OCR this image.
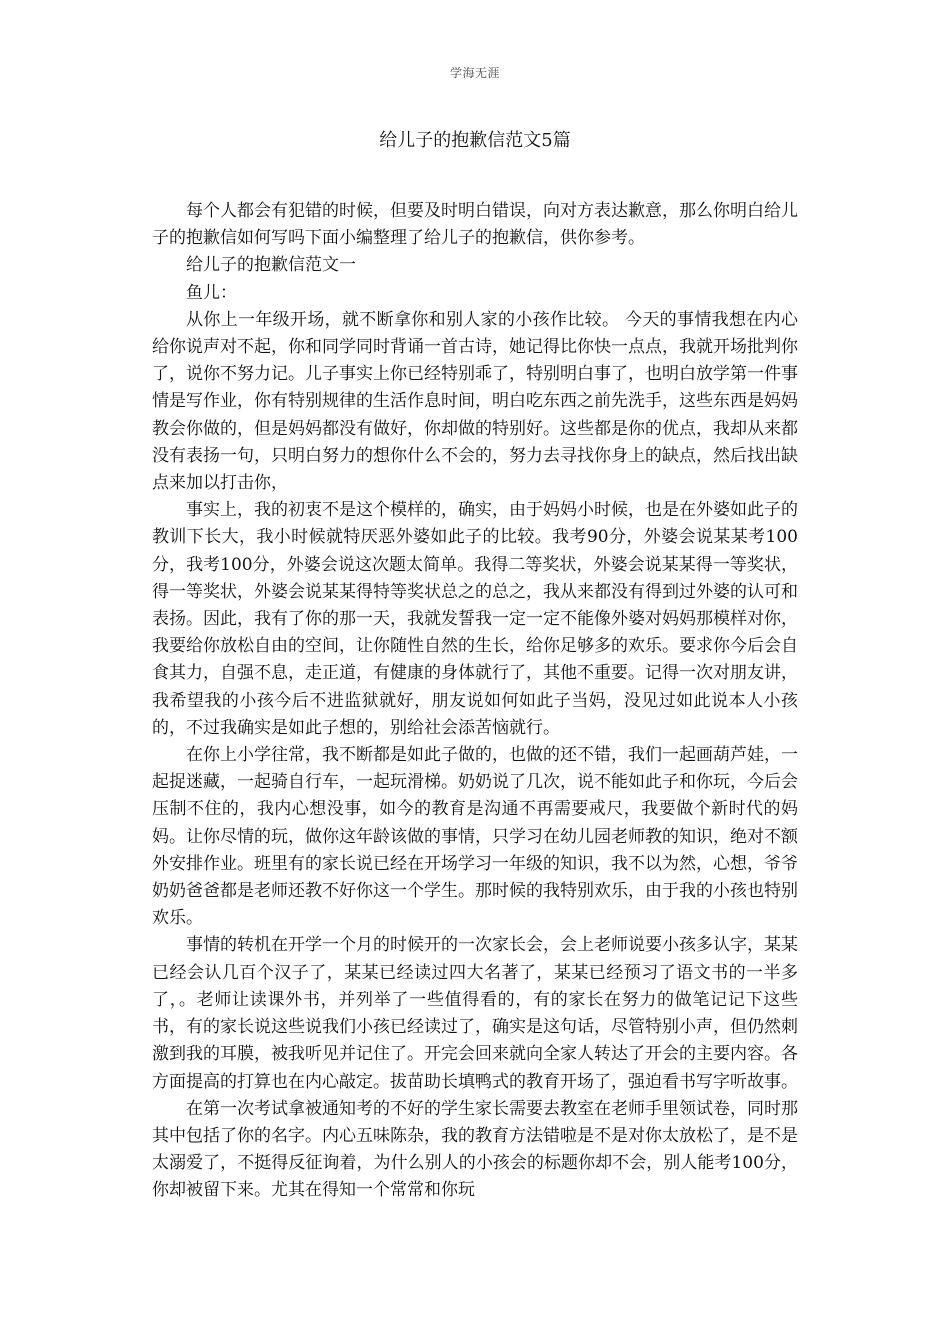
学海无涯
给儿子的抱歉信范文5篇

每个人都会有犯错的时候，但要及时明白错误，向对方表达歉意，那么你明白给儿子的抱歉信如何写吗下面小编整理了给儿子的抱歉信，供你参考。

给儿子的抱歉信范文一

鱼儿：

从你上一年级开场，就不断拿你和别人家的小孩作比较。 今天的事情我想在内心给你说声对不起，你和同学同时背诵一首古诗，她记得比你快一点点，我就开场批判你了，说你不努力记。儿子事实上你已经特别乖了，特别明白事了，也明白放学第一件事情是写作业，你有特别规律的生活作息时间，明白吃东西之前先洗手，这些东西是妈妈教会你做的，但是妈妈都没有做好，你却做的特别好。这些都是你的优点，我却从来都没有表扬一句，只明白努力的想你什么不会的，努力去寻找你身上的缺点，然后找出缺点来加以打击你，

事实上，我的初衷不是这个模样的，确实，由于妈妈小时候，也是在外婆如此子的教训下长大，我小时候就特厌恶外婆如此子的比较。我考90分，外婆会说某某考100分，我考100分，外婆会说这次题太简单。我得二等奖状，外婆会说某某得一等奖状，得一等奖状，外婆会说某某得特等奖状总之的总之，我从来都没有得到过外婆的认可和表扬。因此，我有了你的那一天，我就发誓我一定一定不能像外婆对妈妈那模样对你，我要给你放松自由的空间，让你随性自然的生长，给你足够多的欢乐。要求你今后会自食其力，自强不息，走正道，有健康的身体就行了，其他不重要。记得一次对朋友讲，我希望我的小孩今后不进监狱就好，朋友说如何如此子当妈，没见过如此说本人小孩的，不过我确实是如此子想的，别给社会添苦恼就行。

在你上小学往常，我不断都是如此子做的，也做的还不错，我们一起画葫芦娃，一起捉迷藏，一起骑自行车，一起玩滑梯。奶奶说了几次，说不能如此子和你玩，今后会压制不住的，我内心想没事，如今的教育是沟通不再需要戒尺，我要做个新时代的妈妈。让你尽情的玩，做你这年龄该做的事情，只学习在幼儿园老师教的知识，绝对不额外安排作业。班里有的家长说已经在开场学习一年级的知识，我不以为然，心想，爷爷奶奶爸爸都是老师还教不好你这一个学生。那时候的我特别欢乐，由于我的小孩也特别欢乐。

事情的转机在开学一个月的时候开的一次家长会，会上老师说要小孩多认字，某某已经会认几百个汉子了，某某已经读过四大名著了，某某已经预习了语文书的一半多了，。老师让读课外书，并列举了一些值得看的，有的家长在努力的做笔记记下这些书，有的家长说这些说我们小孩已经读过了，确实是这句话，尽管特别小声，但仍然刺激到我的耳膜，被我听见并记住了。开完会回来就向全家人转达了开会的主要内容。各方面提高的打算也在内心敲定。拔苗助长填鸭式的教育开场了，强迫看书写字听故事。

在第一次考试拿被通知考的不好的学生家长需要去教室在老师手里领试卷，同时那其中包括了你的名字。内心五味陈杂，我的教育方法错啦是不是对你太放松了，是不是太溺爱了，不挺得反征询着，为什么别人的小孩会的标题你却不会，别人能考100分，你却被留下来。尤其在得知一个常常和你玩
